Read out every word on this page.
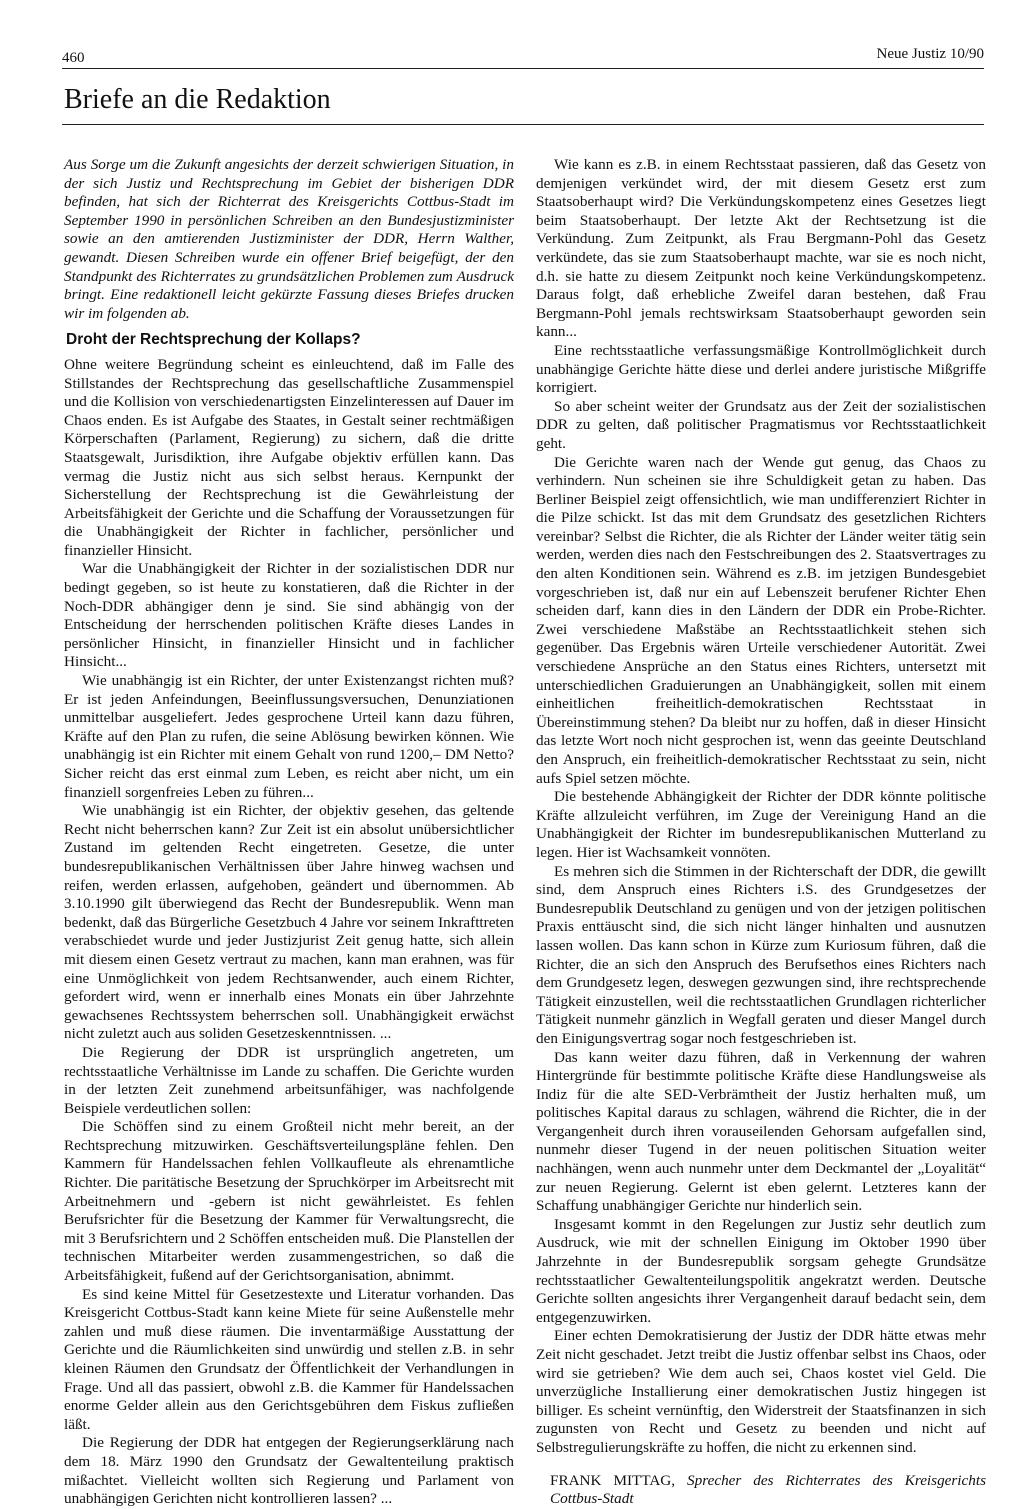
460	Neue Justiz 10/90
Briefe an die Redaktion

Aus Sorge um die Zukunft angesichts der derzeit schwierigen Situation, in der sich Justiz und Rechtsprechung im Gebiet der bisherigen DDR befinden, hat sich der Richterrat des Kreisgerichts Cottbus-Stadt im September 1990 in persönlichen Schreiben an den Bundesjustizminister sowie an den amtierenden Justizminister der DDR, Herrn Walther, gewandt. Diesen Schreiben wurde ein offener Brief beigefügt, der den Standpunkt des Richterrates zu grundsätzlichen Problemen zum Ausdruck bringt. Eine redaktionell leicht gekürzte Fassung dieses Briefes drucken wir im folgenden ab.

Droht der Rechtsprechung der Kollaps?

Ohne weitere Begründung scheint es einleuchtend, daß im Falle des Stillstandes der Rechtsprechung das gesellschaftliche Zusammenspiel und die Kollision von verschiedenartigsten Einzelinteressen auf Dauer im Chaos enden. Es ist Aufgabe des Staates, in Gestalt seiner rechtmäßigen Körperschaften (Parlament, Regierung) zu sichern, daß die dritte Staatsgewalt, Jurisdiktion, ihre Aufgabe objektiv erfüllen kann. Das vermag die Justiz nicht aus sich selbst heraus. Kernpunkt der Sicherstellung der Rechtsprechung ist die Gewährleistung der Arbeitsfähigkeit der Gerichte und die Schaffung der Voraussetzungen für die Unabhängigkeit der Richter in fachlicher, persönlicher und finanzieller Hinsicht.

War die Unabhängigkeit der Richter in der sozialistischen DDR nur bedingt gegeben, so ist heute zu konstatieren, daß die Richter in der Noch-DDR abhängiger denn je sind. Sie sind abhängig von der Entscheidung der herrschenden politischen Kräfte dieses Landes in persönlicher Hinsicht, in finanzieller Hinsicht und in fachlicher Hinsicht...

Wie unabhängig ist ein Richter, der unter Existenzangst richten muß? Er ist jeden Anfeindungen, Beeinflussungsversuchen, Denunziationen unmittelbar ausgeliefert. Jedes gesprochene Urteil kann dazu führen, Kräfte auf den Plan zu rufen, die seine Ablösung bewirken können. Wie unabhängig ist ein Richter mit einem Gehalt von rund 1200,– DM Netto? Sicher reicht das erst einmal zum Leben, es reicht aber nicht, um ein finanziell sorgenfreies Leben zu führen...

Wie unabhängig ist ein Richter, der objektiv gesehen, das geltende Recht nicht beherrschen kann? Zur Zeit ist ein absolut unübersichtlicher Zustand im geltenden Recht eingetreten. Gesetze, die unter bundesrepublikanischen Verhältnissen über Jahre hinweg wachsen und reifen, werden erlassen, aufgehoben, geändert und übernommen. Ab 3.10.1990 gilt überwiegend das Recht der Bundesrepublik. Wenn man bedenkt, daß das Bürgerliche Gesetzbuch 4 Jahre vor seinem Inkrafttreten verabschiedet wurde und jeder Justizjurist Zeit genug hatte, sich allein mit diesem einen Gesetz vertraut zu machen, kann man erahnen, was für eine Unmöglichkeit von jedem Rechtsanwender, auch einem Richter, gefordert wird, wenn er innerhalb eines Monats ein über Jahrzehnte gewachsenes Rechtssystem beherrschen soll. Unabhängigkeit erwächst nicht zuletzt auch aus soliden Gesetzeskenntnissen. ...

Die Regierung der DDR ist ursprünglich angetreten, um rechtsstaatliche Verhältnisse im Lande zu schaffen. Die Gerichte wurden in der letzten Zeit zunehmend arbeitsunfähiger, was nachfolgende Beispiele verdeutlichen sollen:

Die Schöffen sind zu einem Großteil nicht mehr bereit, an der Rechtsprechung mitzuwirken. Geschäftsverteilungspläne fehlen. Den Kammern für Handelssachen fehlen Vollkaufleute als ehrenamtliche Richter. Die paritätische Besetzung der Spruchkörper im Arbeitsrecht mit Arbeitnehmern und -gebern ist nicht gewährleistet. Es fehlen Berufsrichter für die Besetzung der Kammer für Verwaltungsrecht, die mit 3 Berufsrichtern und 2 Schöffen entscheiden muß. Die Planstellen der technischen Mitarbeiter werden zusammengestrichen, so daß die Arbeitsfähigkeit, fußend auf der Gerichtsorganisation, abnimmt.

Es sind keine Mittel für Gesetzestexte und Literatur vorhanden. Das Kreisgericht Cottbus-Stadt kann keine Miete für seine Außenstelle mehr zahlen und muß diese räumen. Die inventarmäßige Ausstattung der Gerichte und die Räumlichkeiten sind unwürdig und stellen z.B. in sehr kleinen Räumen den Grundsatz der Öffentlichkeit der Verhandlungen in Frage. Und all das passiert, obwohl z.B. die Kammer für Handelssachen enorme Gelder allein aus den Gerichtsgebühren dem Fiskus zufließen läßt.

Die Regierung der DDR hat entgegen der Regierungserklärung nach dem 18. März 1990 den Grundsatz der Gewaltenteilung praktisch mißachtet. Vielleicht wollten sich Regierung und Parlament von unabhängigen Gerichten nicht kontrollieren lassen? ...

Wie kann es z.B. in einem Rechtsstaat passieren, daß das Gesetz von demjenigen verkündet wird, der mit diesem Gesetz erst zum Staatsoberhaupt wird? Die Verkündungskompetenz eines Gesetzes liegt beim Staatsoberhaupt. Der letzte Akt der Rechtsetzung ist die Verkündung. Zum Zeitpunkt, als Frau Bergmann-Pohl das Gesetz verkündete, das sie zum Staatsoberhaupt machte, war sie es noch nicht, d.h. sie hatte zu diesem Zeitpunkt noch keine Verkündungskompetenz. Daraus folgt, daß erhebliche Zweifel daran bestehen, daß Frau Bergmann-Pohl jemals rechtswirksam Staatsoberhaupt geworden sein kann...

Eine rechtsstaatliche verfassungsmäßige Kontrollmöglichkeit durch unabhängige Gerichte hätte diese und derlei andere juristische Mißgriffe korrigiert.

So aber scheint weiter der Grundsatz aus der Zeit der sozialistischen DDR zu gelten, daß politischer Pragmatismus vor Rechtsstaatlichkeit geht.

Die Gerichte waren nach der Wende gut genug, das Chaos zu verhindern. Nun scheinen sie ihre Schuldigkeit getan zu haben. Das Berliner Beispiel zeigt offensichtlich, wie man undifferenziert Richter in die Pilze schickt. Ist das mit dem Grundsatz des gesetzlichen Richters vereinbar? Selbst die Richter, die als Richter der Länder weiter tätig sein werden, werden dies nach den Festschreibungen des 2. Staatsvertrages zu den alten Konditionen sein. Während es z.B. im jetzigen Bundesgebiet vorgeschrieben ist, daß nur ein auf Lebenszeit berufener Richter Ehen scheiden darf, kann dies in den Ländern der DDR ein Probe-Richter. Zwei verschiedene Maßstäbe an Rechtsstaatlichkeit stehen sich gegenüber. Das Ergebnis wären Urteile verschiedener Autorität. Zwei verschiedene Ansprüche an den Status eines Richters, untersetzt mit unterschiedlichen Graduierungen an Unabhängigkeit, sollen mit einem einheitlichen freiheitlich-demokratischen Rechtsstaat in Übereinstimmung stehen? Da bleibt nur zu hoffen, daß in dieser Hinsicht das letzte Wort noch nicht gesprochen ist, wenn das geeinte Deutschland den Anspruch, ein freiheitlich-demokratischer Rechtsstaat zu sein, nicht aufs Spiel setzen möchte.

Die bestehende Abhängigkeit der Richter der DDR könnte politische Kräfte allzuleicht verführen, im Zuge der Vereinigung Hand an die Unabhängigkeit der Richter im bundesrepublikanischen Mutterland zu legen. Hier ist Wachsamkeit vonnöten.

Es mehren sich die Stimmen in der Richterschaft der DDR, die gewillt sind, dem Anspruch eines Richters i.S. des Grundgesetzes der Bundesrepublik Deutschland zu genügen und von der jetzigen politischen Praxis enttäuscht sind, die sich nicht länger hinhalten und ausnutzen lassen wollen. Das kann schon in Kürze zum Kuriosum führen, daß die Richter, die an sich den Anspruch des Berufsethos eines Richters nach dem Grundgesetz legen, deswegen gezwungen sind, ihre rechtsprechende Tätigkeit einzustellen, weil die rechtsstaatlichen Grundlagen richterlicher Tätigkeit nunmehr gänzlich in Wegfall geraten und dieser Mangel durch den Einigungsvertrag sogar noch festgeschrieben ist.

Das kann weiter dazu führen, daß in Verkennung der wahren Hintergründe für bestimmte politische Kräfte diese Handlungsweise als Indiz für die alte SED-Verbrämtheit der Justiz herhalten muß, um politisches Kapital daraus zu schlagen, während die Richter, die in der Vergangenheit durch ihren vorauseilenden Gehorsam aufgefallen sind, nunmehr dieser Tugend in der neuen politischen Situation weiter nachhängen, wenn auch nunmehr unter dem Deckmantel der „Loyalität“ zur neuen Regierung. Gelernt ist eben gelernt. Letzteres kann der Schaffung unabhängiger Gerichte nur hinderlich sein.

Insgesamt kommt in den Regelungen zur Justiz sehr deutlich zum Ausdruck, wie mit der schnellen Einigung im Oktober 1990 über Jahrzehnte in der Bundesrepublik sorgsam gehegte Grundsätze rechtsstaatlicher Gewaltenteilungspolitik angekratzt werden. Deutsche Gerichte sollten angesichts ihrer Vergangenheit darauf bedacht sein, dem entgegenzuwirken.

Einer echten Demokratisierung der Justiz der DDR hätte etwas mehr Zeit nicht geschadet. Jetzt treibt die Justiz offenbar selbst ins Chaos, oder wird sie getrieben? Wie dem auch sei, Chaos kostet viel Geld. Die unverzügliche Installierung einer demokratischen Justiz hingegen ist billiger. Es scheint vernünftig, den Widerstreit der Staatsfinanzen in sich zugunsten von Recht und Gesetz zu beenden und nicht auf Selbstregulierungskräfte zu hoffen, die nicht zu erkennen sind.

FRANK MITTAG, Sprecher des Richterrates des Kreisgerichts Cottbus-Stadt
